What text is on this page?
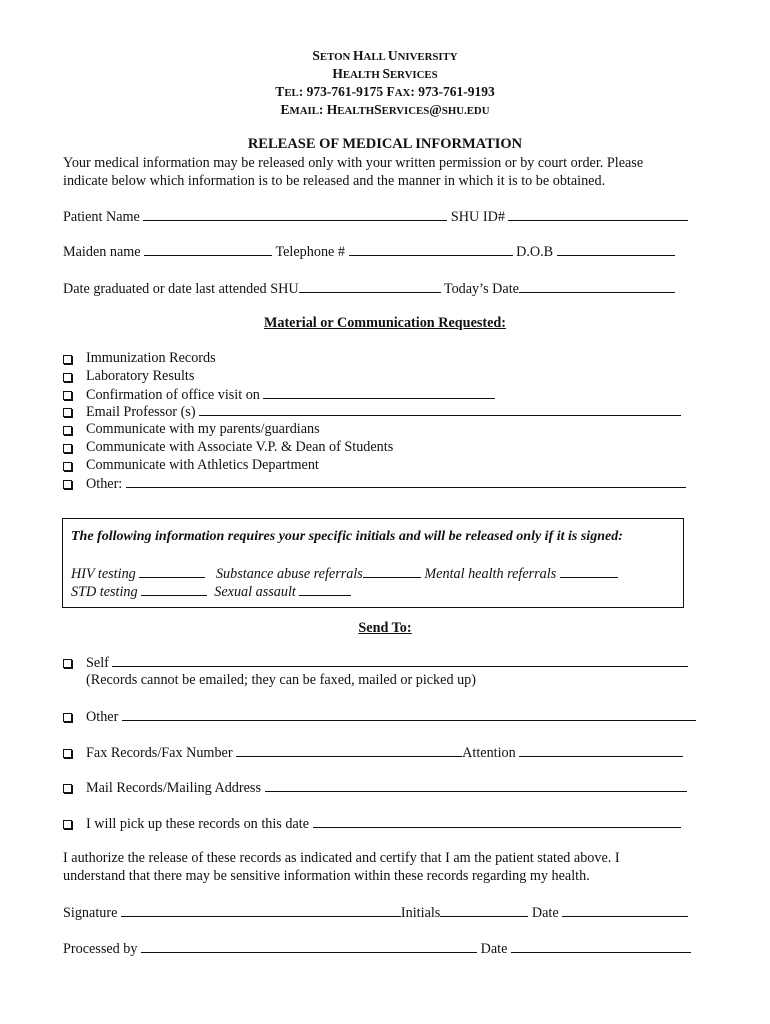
SETON HALL UNIVERSITY
HEALTH SERVICES
TEL: 973-761-9175 FAX: 973-761-9193
EMAIL: HEALTHSERVICES@SHU.EDU
RELEASE OF MEDICAL INFORMATION
Your medical information may be released only with your written permission or by court order. Please
indicate below which information is to be released and the manner in which it is to be obtained.
Patient Name	SHU ID#
Maiden name	Telephone #	D.O.B
Date graduated or date last attended SHU	Today’s Date
Material or Communication Requested:
Immunization Records
Laboratory Results
Confirmation of office visit on
Email Professor (s)
Communicate with my parents/guardians
Communicate with Associate V.P. & Dean of Students
Communicate with Athletics Department
Other:
The following information requires your specific initials and will be released only if it is signed:
HIV testing	Substance abuse referrals	Mental health referrals
STD testing	Sexual assault
Send To:
Self
(Records cannot be emailed; they can be faxed, mailed or picked up)
Other
Fax Records/Fax Number	Attention
Mail Records/Mailing Address
I will pick up these records on this date
I authorize the release of these records as indicated and certify that I am the patient stated above. I
understand that there may be sensitive information within these records regarding my health.
Signature	Initials	Date
Processed by	Date
